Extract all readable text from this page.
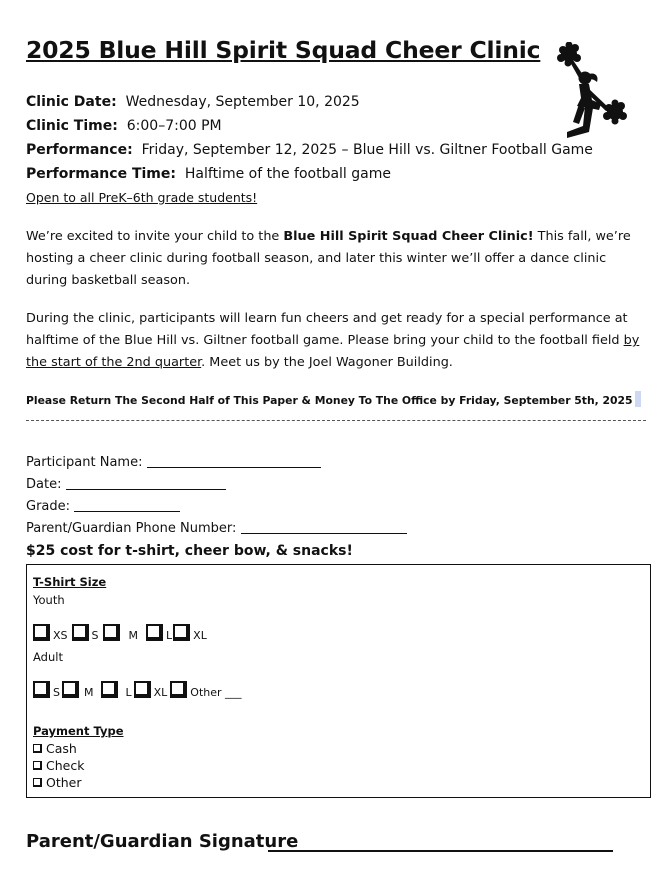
2025 Blue Hill Spirit Squad Cheer Clinic
Clinic Date: Wednesday, September 10, 2025
Clinic Time: 6:00–7:00 PM
Performance: Friday, September 12, 2025 – Blue Hill vs. Giltner Football Game
Performance Time: Halftime of the football game
Open to all PreK–6th grade students!
We’re excited to invite your child to the Blue Hill Spirit Squad Cheer Clinic! This fall, we’re hosting a cheer clinic during football season, and later this winter we’ll offer a dance clinic during basketball season.
During the clinic, participants will learn fun cheers and get ready for a special performance at halftime of the Blue Hill vs. Giltner football game. Please bring your child to the football field by the start of the 2nd quarter. Meet us by the Joel Wagoner Building.
Please Return The Second Half of This Paper & Money To The Office by Friday, September 5th, 2025
Participant Name:
Date:
Grade:
Parent/Guardian Phone Number:
$25 cost for t-shirt, cheer bow, & snacks!
T-Shirt Size
Youth
XS S	M	L XL
Adult
S M	L XL Other ___
Payment Type
Cash
Check
Other
Parent/Guardian Signature
